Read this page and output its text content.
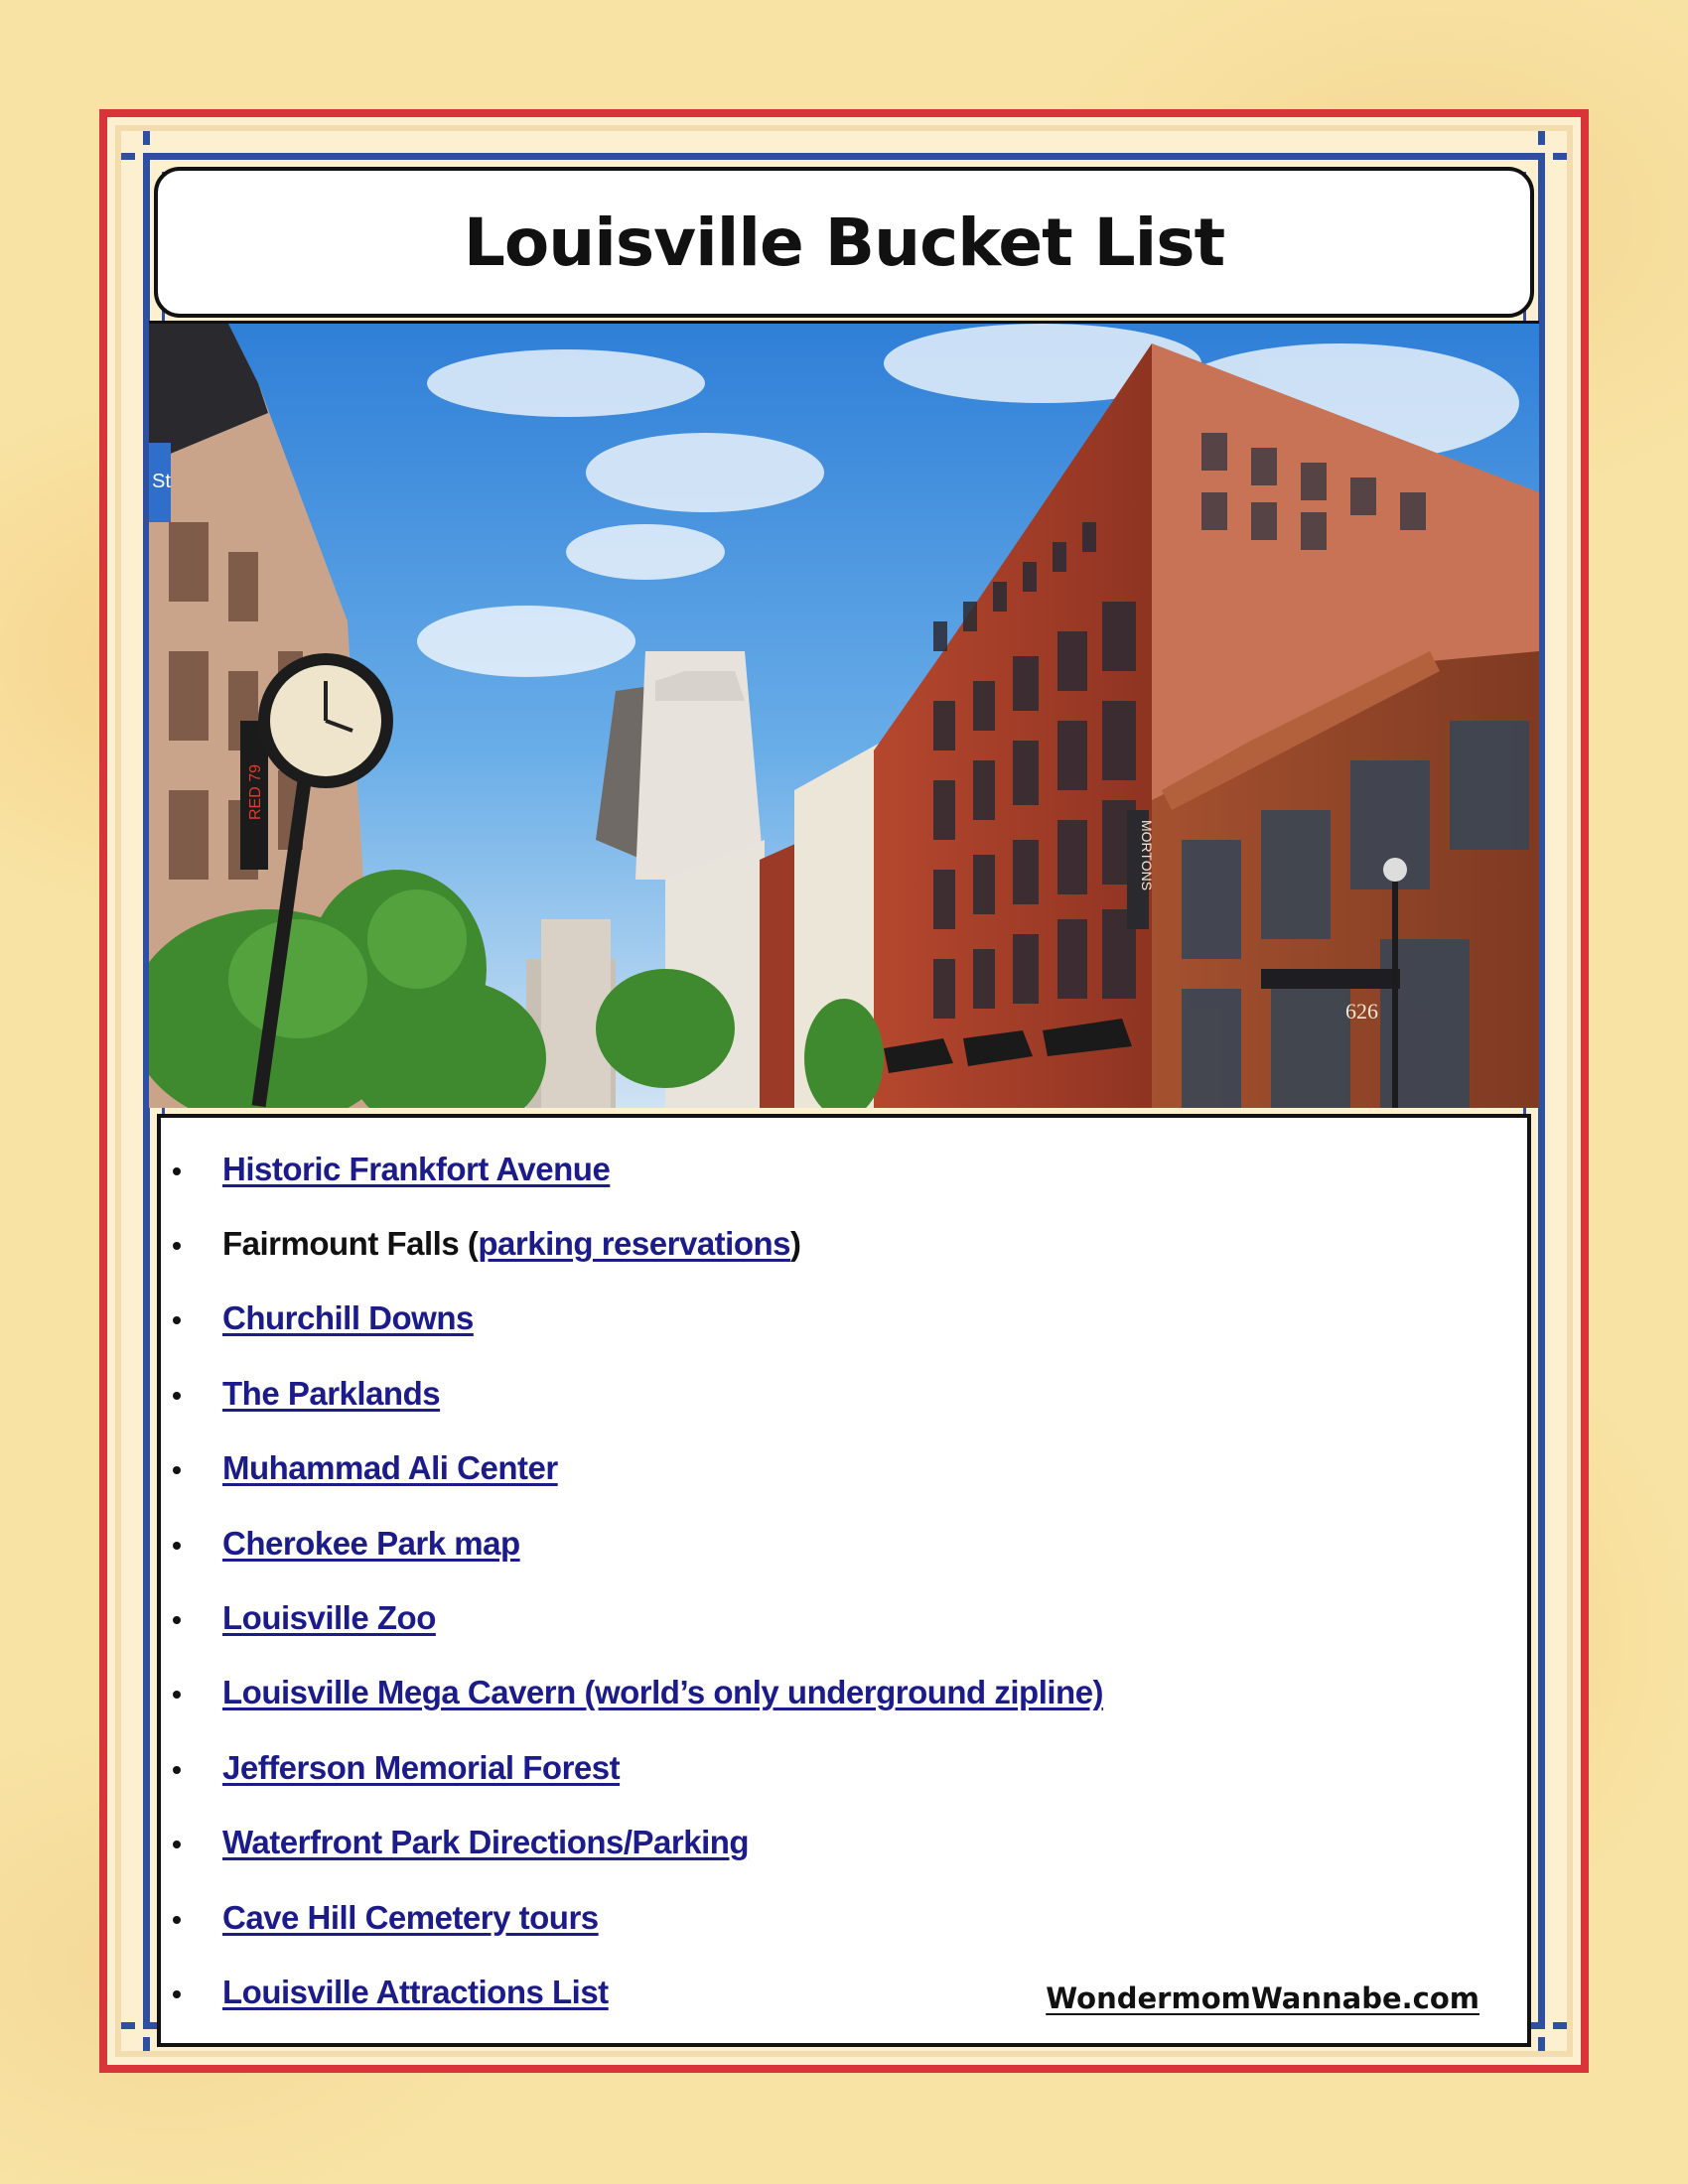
Louisville Bucket List
St
RED 79
MORTONS
626
Historic Frankfort Avenue
Fairmount Falls ( parking reservations )
Churchill Downs
The Parklands
Muhammad Ali Center
Cherokee Park map
Louisville Zoo
Louisville Mega Cavern (world’s only underground zipline)
Jefferson Memorial Forest
Waterfront Park Directions/Parking
Cave Hill Cemetery tours
Louisville Attractions List	WondermomWannabe.com
